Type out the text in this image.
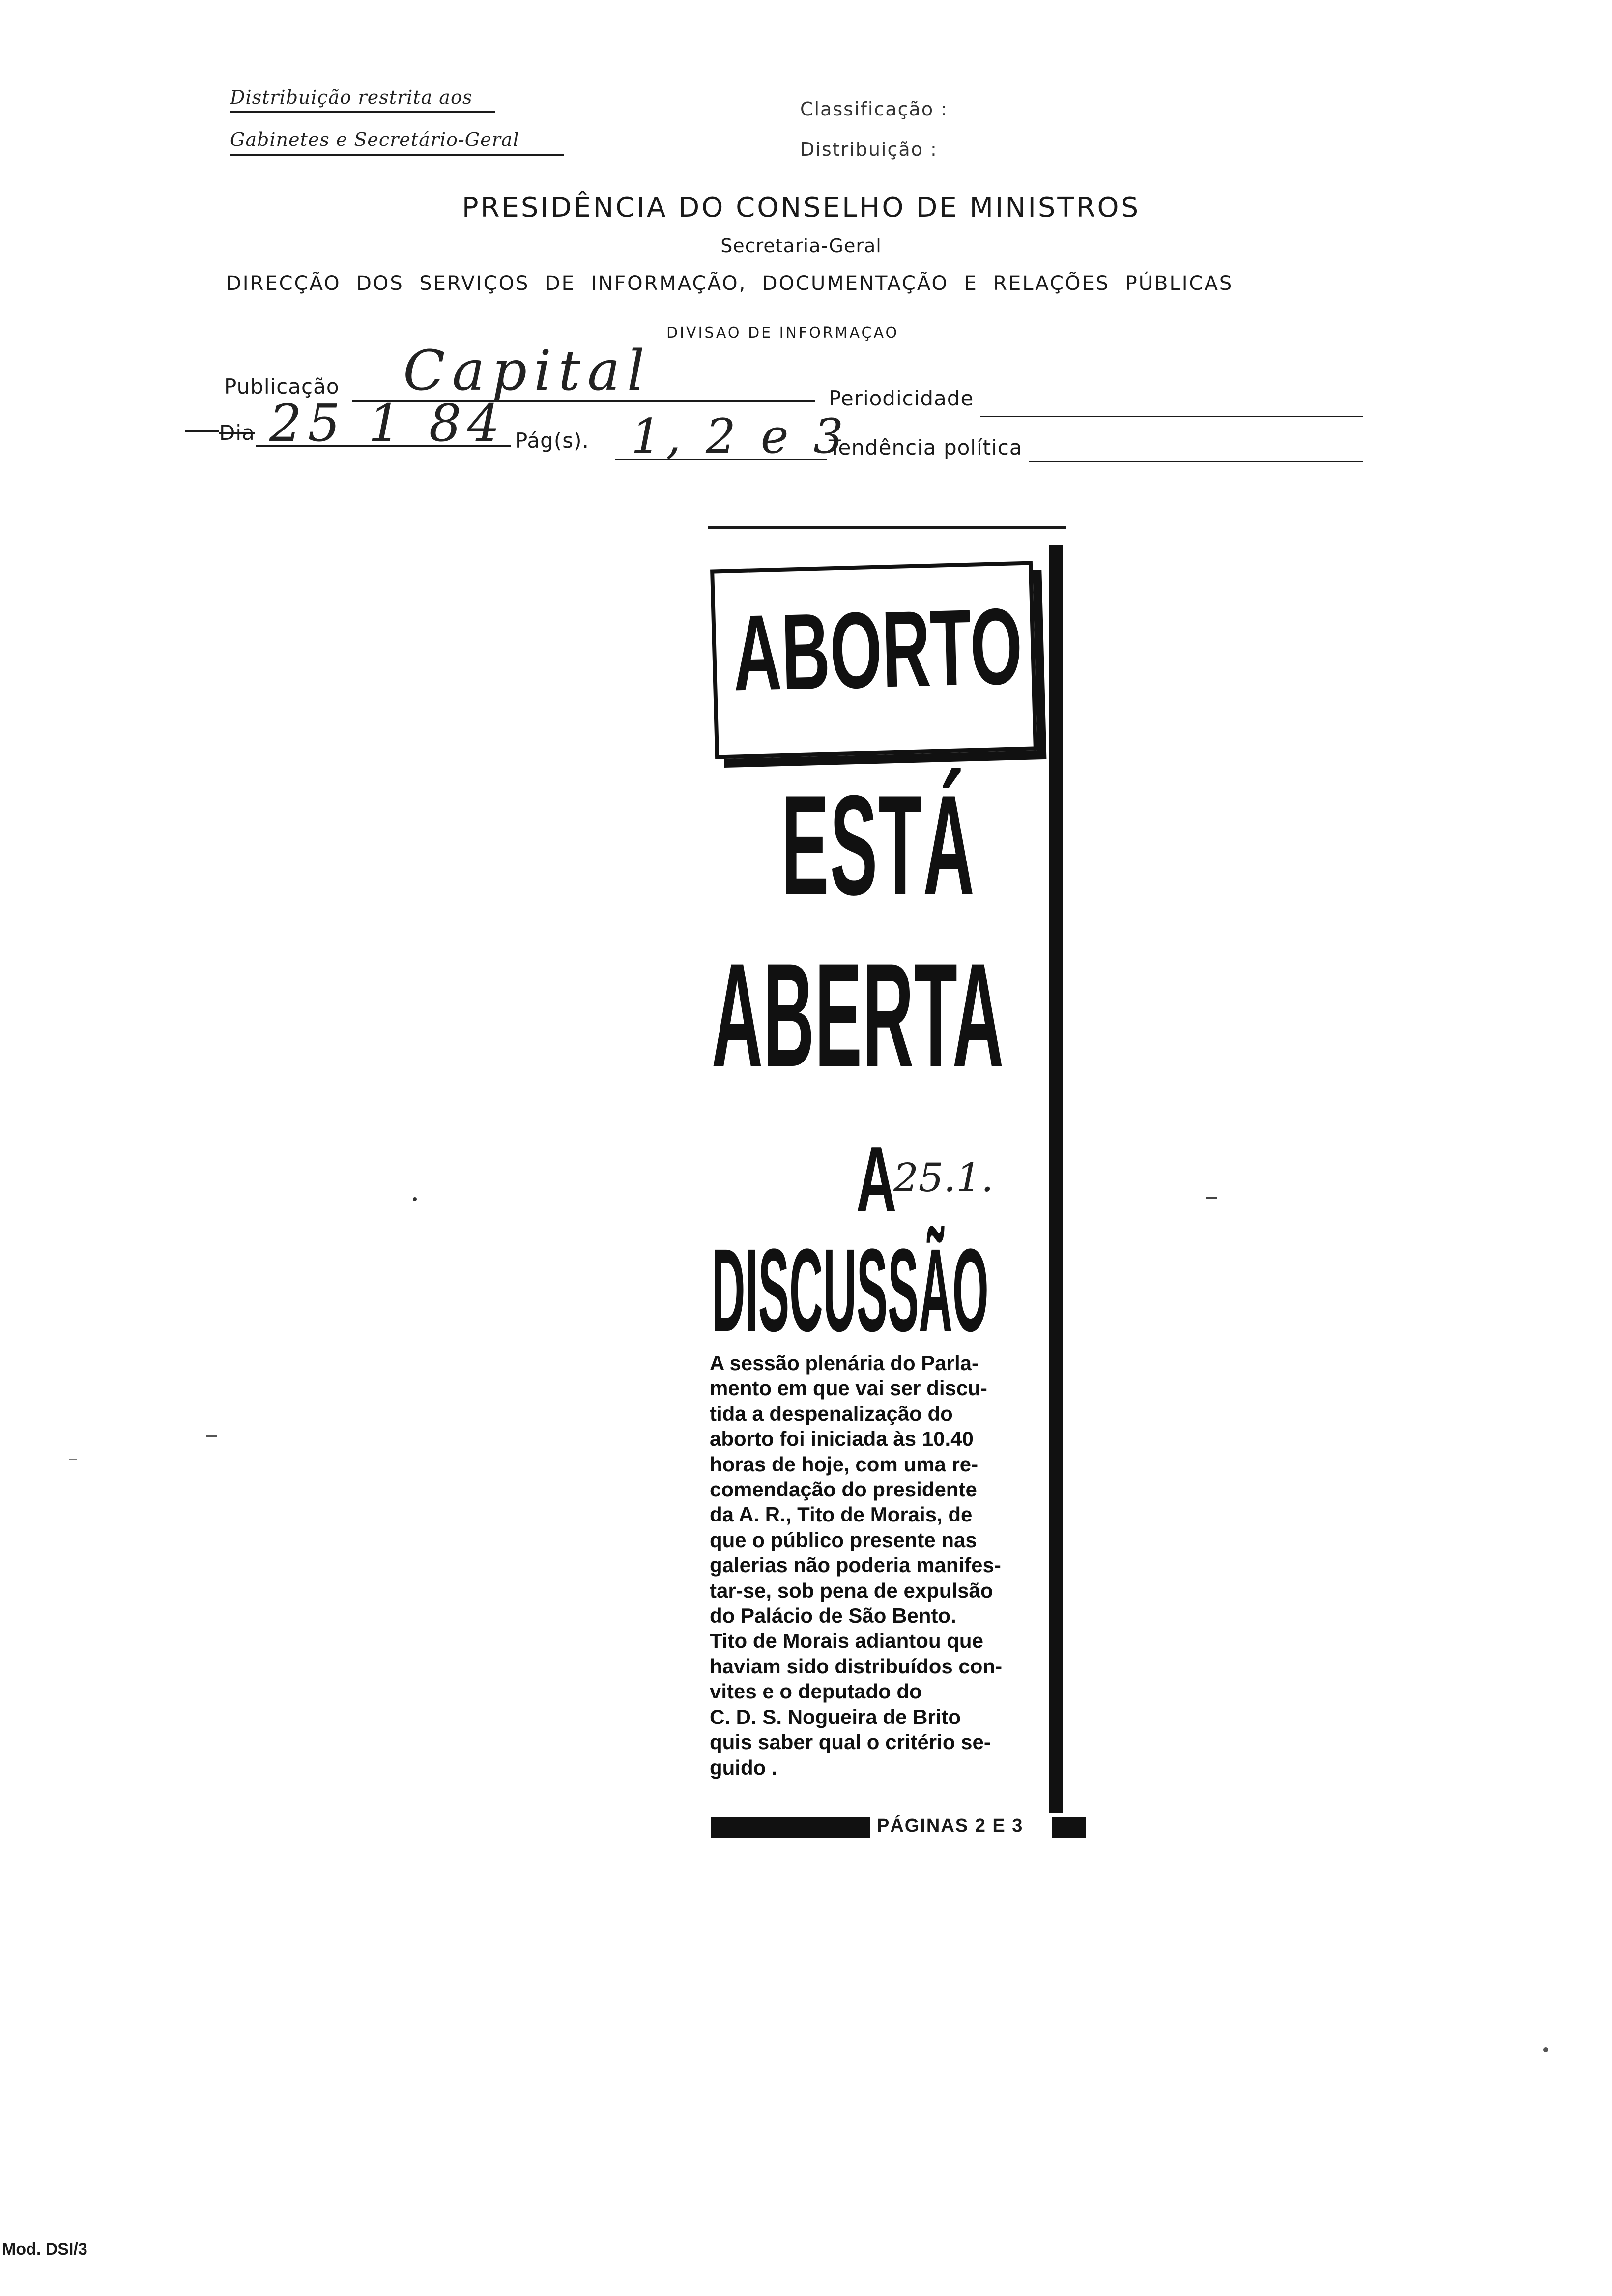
Distribuição restrita aos
Gabinetes e Secretário-Geral
Classificação :
Distribuição :
PRESIDÊNCIA DO CONSELHO DE MINISTROS
Secretaria-Geral
DIRECÇÃO  DOS  SERVIÇOS  DE  INFORMAÇÃO,  DOCUMENTAÇÃO  E  RELAÇÕES  PÚBLICAS
DIVISAO DE INFORMAÇAO
Publicação Capital	Periodicidade
Dia 25 1 84 Pág(s). 1, 2 e 3
Tendência política
ABORTO
ESTÁ
ABERTA
A
DISCUSSÃO
25.1.
A sessão plenária do Parla-
mento em que vai ser discu-
tida a despenalização do
aborto foi iniciada às 10.40
horas de hoje, com uma re-
comendação do presidente
da A. R., Tito de Morais, de
que o público presente nas
galerias não poderia manifes-
tar-se, sob pena de expulsão
do Palácio de São Bento.
Tito de Morais adiantou que
haviam sido distribuídos con-
vites e o deputado do
C. D. S. Nogueira de Brito
quis saber qual o critério se-
guido .
PÁGINAS 2 E 3
Mod. DSI/3
